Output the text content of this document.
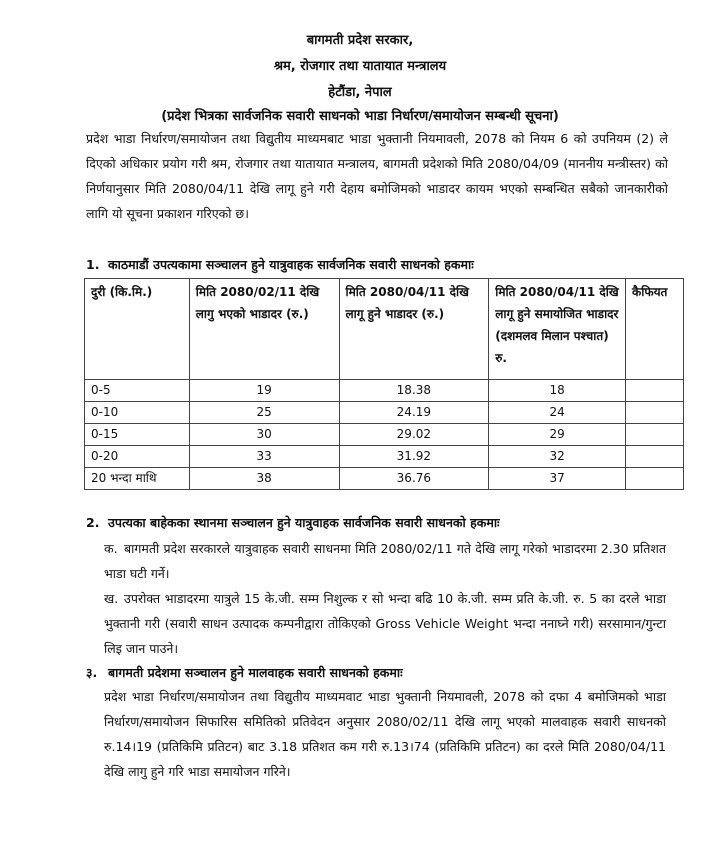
बागमती प्रदेश सरकार,
श्रम, रोजगार तथा यातायात मन्त्रालय
हेटौंडा, नेपाल
(प्रदेश भित्रका सार्वजनिक सवारी साधनको भाडा निर्धारण/समायोजन सम्बन्धी सूचना)
प्रदेश भाडा निर्धारण/समायोजन तथा विद्युतीय माध्यमबाट भाडा भुक्तानी नियमावली, 2078 को नियम 6 को उपनियम (2) ले दिएको अधिकार प्रयोग गरी श्रम, रोजगार तथा यातायात मन्त्रालय, बागमती प्रदेशको मिति 2080/04/09 (माननीय मन्त्रीस्तर) को निर्णयानुसार मिति 2080/04/11 देखि लागू हुने गरी देहाय बमोजिमको भाडादर कायम भएको सम्बन्धित सबैको जानकारीको लागि यो सूचना प्रकाशन गरिएको छ।
1. काठमाडौं उपत्यकामा सञ्चालन हुने यात्रुवाहक सार्वजनिक सवारी साधनको हकमाः
दुरी (कि.मि.)	मिति 2080/02/11 देखि लागु भएको भाडादर (रु.)	मिति 2080/04/11 देखि लागू हुने भाडादर (रु.)	मिति 2080/04/11 देखि लागू हुने समायोजित भाडादर (दशमलव मिलान पश्चात) रु.	कैफियत
0-5	19	18.38	18	
0-10	25	24.19	24	
0-15	30	29.02	29	
0-20	33	31.92	32	
20 भन्दा माथि	38	36.76	37	
2. उपत्यका बाहेकका स्थानमा सञ्चालन हुने यात्रुवाहक सार्वजनिक सवारी साधनको हकमाः
क. बागमती प्रदेश सरकारले यात्रुवाहक सवारी साधनमा मिति 2080/02/11 गते देखि लागू गरेको भाडादरमा 2.30 प्रतिशत भाडा घटी गर्ने।
ख. उपरोक्त भाडादरमा यात्रुले 15 के.जी. सम्म निशुल्क र सो भन्दा बढि 10 के.जी. सम्म प्रति के.जी. रु. 5 का दरले भाडा भुक्तानी गरी (सवारी साधन उत्पादक कम्पनीद्वारा तोकिएको Gross Vehicle Weight भन्दा ननाघ्ने गरी) सरसामान/गुन्टा लिइ जान पाउने।
३. बागमती प्रदेशमा सञ्चालन हुने मालवाहक सवारी साधनको हकमाः
प्रदेश भाडा निर्धारण/समायोजन तथा विद्युतीय माध्यमवाट भाडा भुक्तानी नियमावली, 2078 को दफा 4 बमोजिमको भाडा निर्धारण/समायोजन सिफारिस समितिको प्रतिवेदन अनुसार 2080/02/11 देखि लागू भएको मालवाहक सवारी साधनको रु.14।19 (प्रतिकिमि प्रतिटन) बाट 3.18 प्रतिशत कम गरी रु.13।74 (प्रतिकिमि प्रतिटन) का दरले मिति 2080/04/11 देखि लागु हुने गरि भाडा समायोजन गरिने।
